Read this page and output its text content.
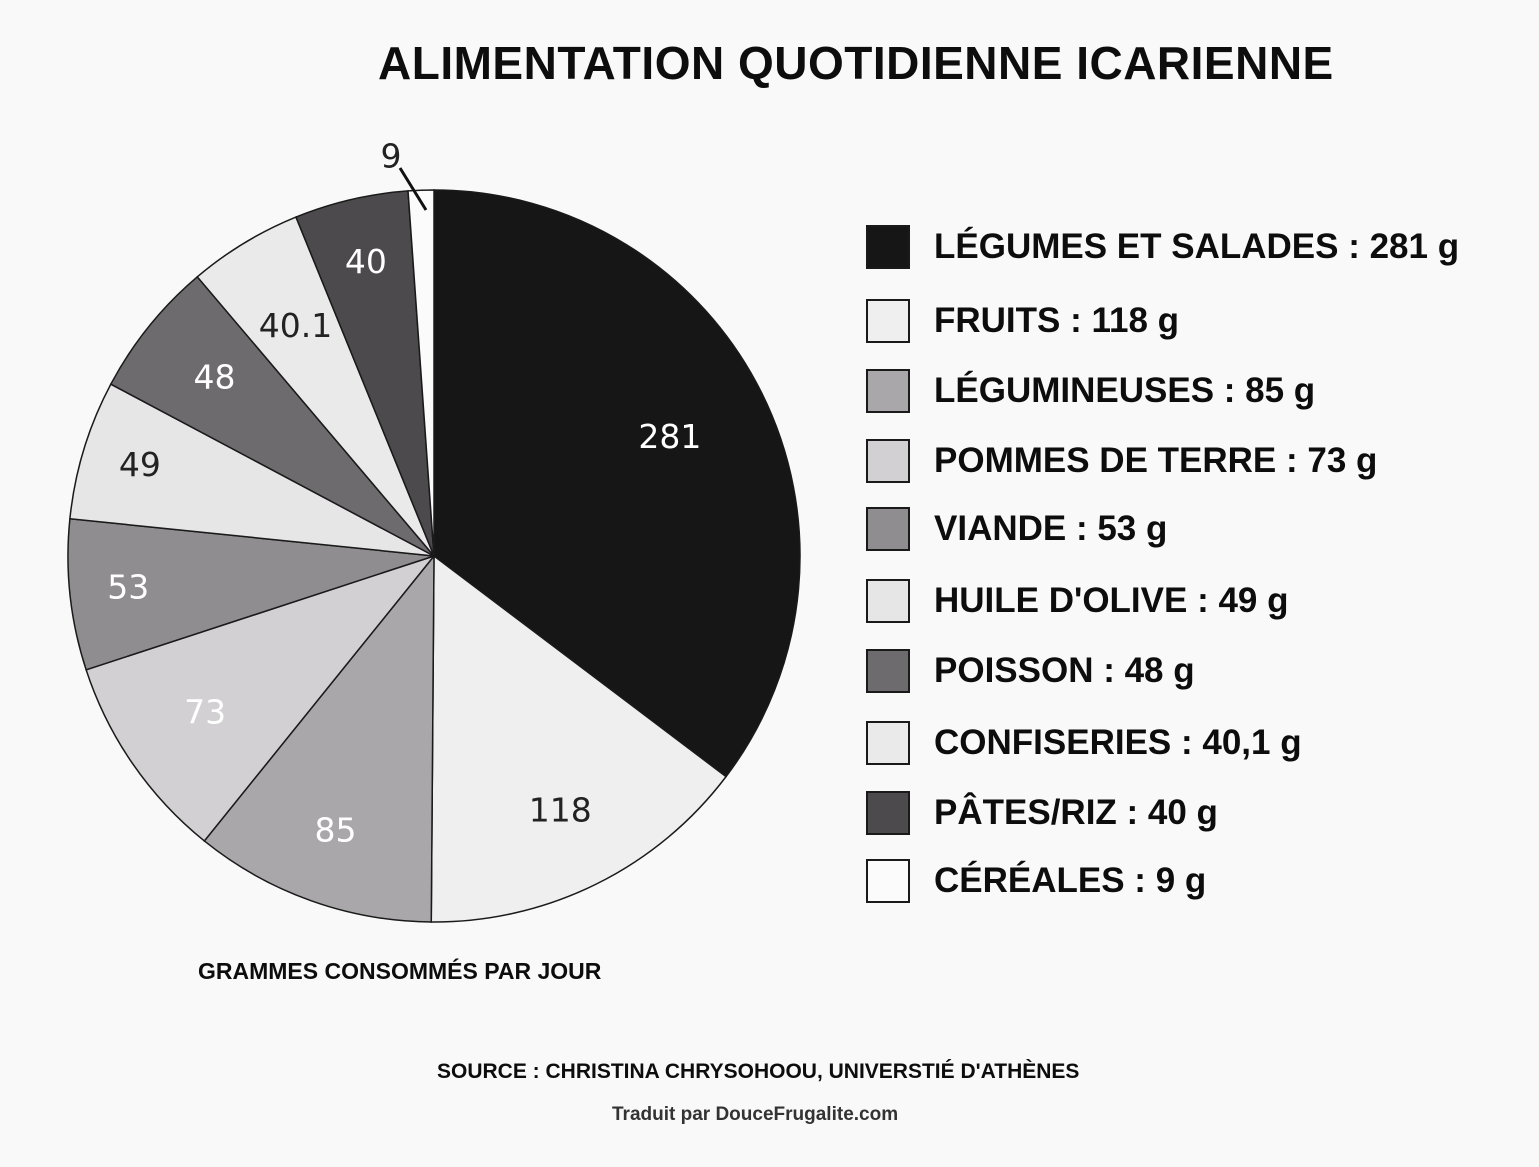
ALIMENTATION QUOTIDIENNE ICARIENNE
281
118
85
73
53
49
48
40.1
40
9
LÉGUMES ET SALADES : 281 g
FRUITS : 118 g
LÉGUMINEUSES : 85 g
POMMES DE TERRE : 73 g
VIANDE : 53 g
HUILE D'OLIVE : 49 g
POISSON : 48 g
CONFISERIES : 40,1 g
PÂTES/RIZ : 40 g
CÉRÉALES : 9 g
GRAMMES CONSOMMÉS PAR JOUR
SOURCE : CHRISTINA CHRYSOHOOU, UNIVERSTIÉ D'ATHÈNES
Traduit par DouceFrugalite.com
